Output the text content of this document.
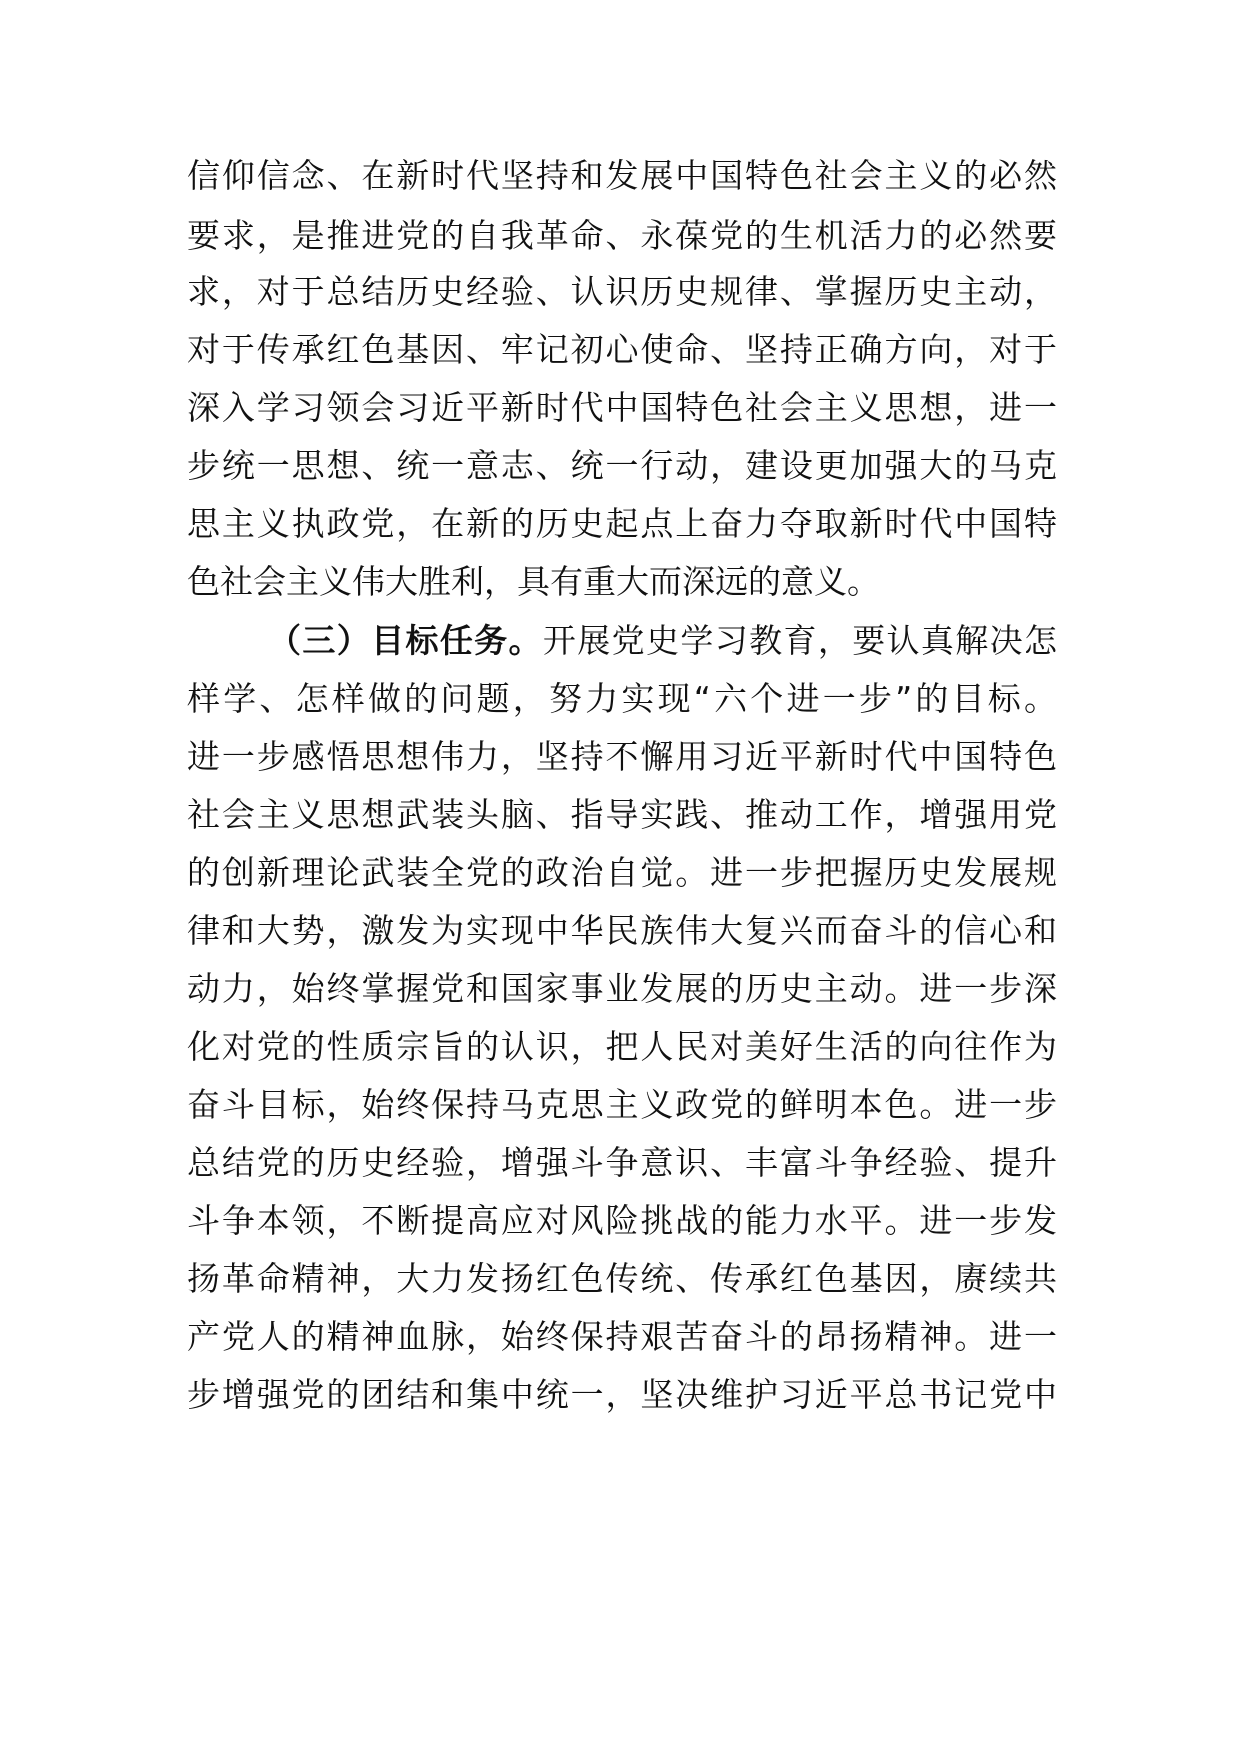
信仰信念、在新时代坚持和发展中国特色社会主义的必然
要求，是推进党的自我革命、永葆党的生机活力的必然要
求，对于总结历史经验、认识历史规律、掌握历史主动，
对于传承红色基因、牢记初心使命、坚持正确方向，对于
深入学习领会习近平新时代中国特色社会主义思想，进一
步统一思想、统一意志、统一行动，建设更加强大的马克
思主义执政党，在新的历史起点上奋力夺取新时代中国特
色社会主义伟大胜利，具有重大而深远的意义。
（三）目标任务。开展党史学习教育，要认真解决怎
样学、怎样做的问题，努力实现“六个进一步”的目标。
进一步感悟思想伟力，坚持不懈用习近平新时代中国特色
社会主义思想武装头脑、指导实践、推动工作，增强用党
的创新理论武装全党的政治自觉。进一步把握历史发展规
律和大势，激发为实现中华民族伟大复兴而奋斗的信心和
动力，始终掌握党和国家事业发展的历史主动。进一步深
化对党的性质宗旨的认识，把人民对美好生活的向往作为
奋斗目标，始终保持马克思主义政党的鲜明本色。进一步
总结党的历史经验，增强斗争意识、丰富斗争经验、提升
斗争本领，不断提高应对风险挑战的能力水平。进一步发
扬革命精神，大力发扬红色传统、传承红色基因，赓续共
产党人的精神血脉，始终保持艰苦奋斗的昂扬精神。进一
步增强党的团结和集中统一，坚决维护习近平总书记党中
